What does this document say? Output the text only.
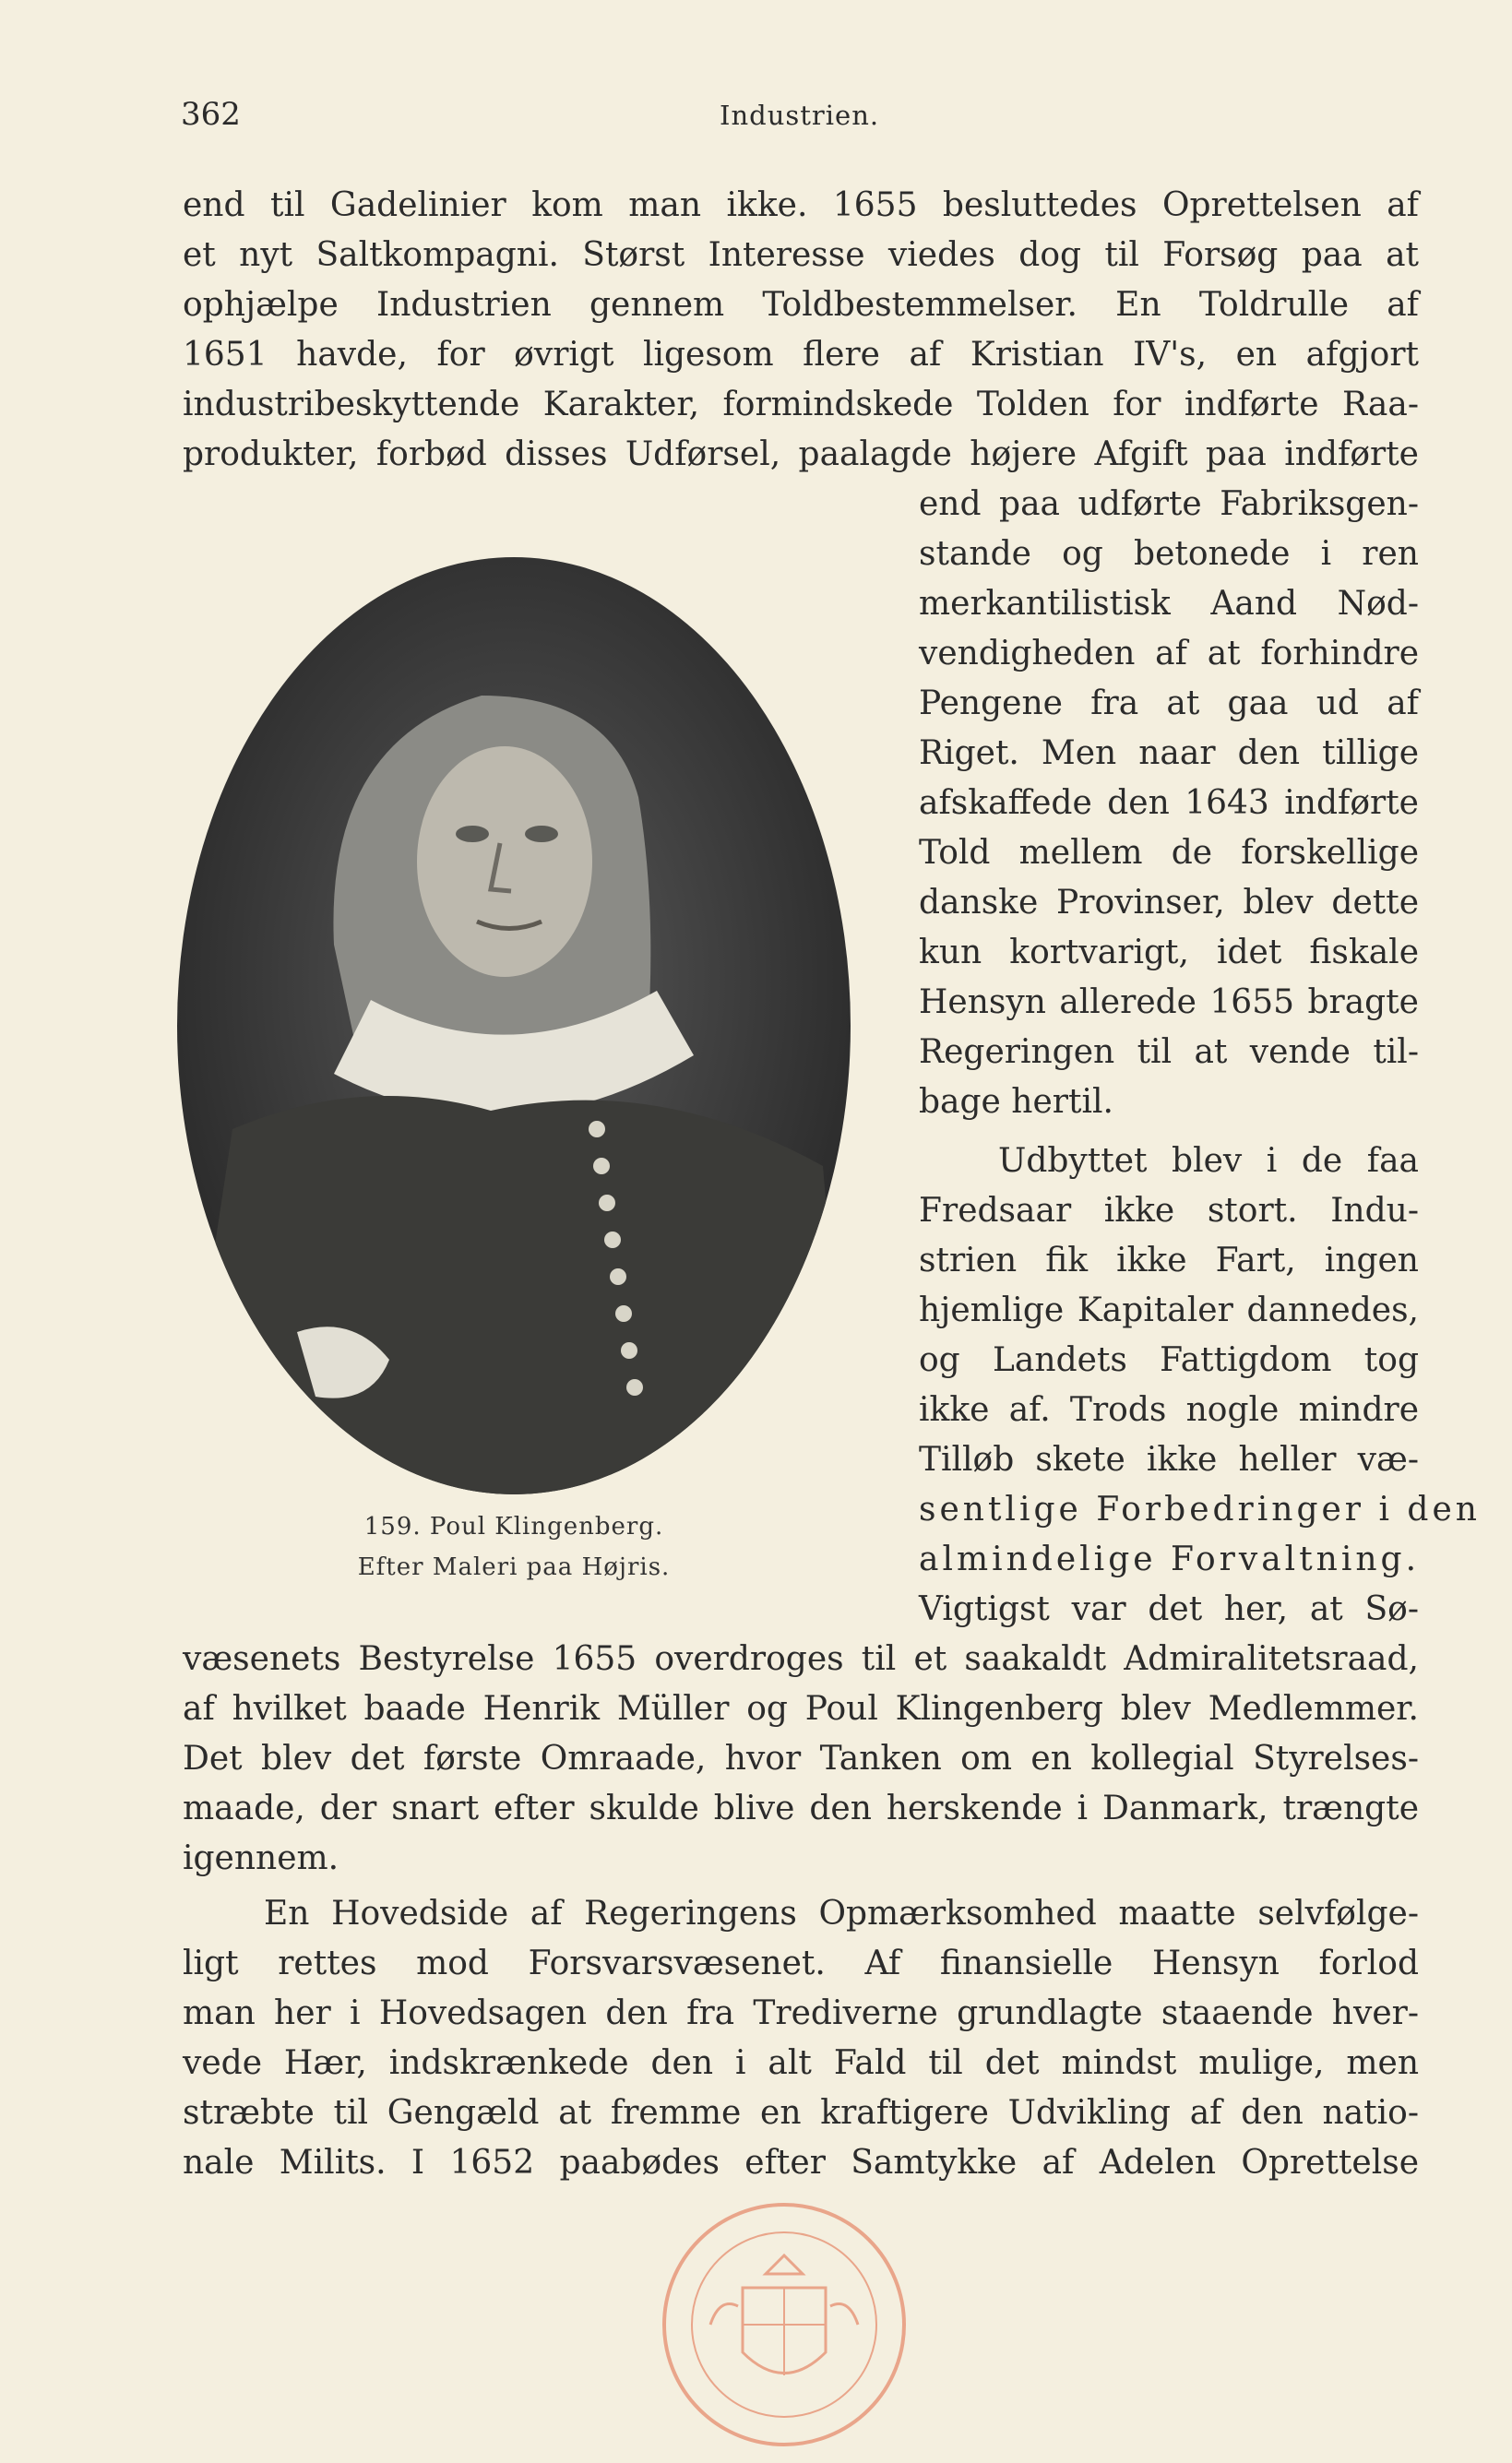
362	Industrien.
end til Gadelinier kom man ikke. 1655 besluttedes Oprettelsen af
et nyt Saltkompagni. Størst Interesse viedes dog til Forsøg paa at
ophjælpe Industrien gennem Toldbestemmelser. En Toldrulle af
1651 havde, for øvrigt ligesom flere af Kristian IV's, en afgjort
industribeskyttende Karakter, formindskede Tolden for indførte Raa-
produkter, forbød disses Udførsel, paalagde højere Afgift paa indførte
end paa udførte Fabriksgen-
stande og betonede i ren
merkantilistisk Aand Nød-
vendigheden af at forhindre
Pengene fra at gaa ud af
Riget. Men naar den tillige
afskaffede den 1643 indførte
Told mellem de forskellige
danske Provinser, blev dette
kun kortvarigt, idet fiskale
Hensyn allerede 1655 bragte
Regeringen til at vende til-
bage hertil.
Udbyttet blev i de faa
Fredsaar ikke stort. Indu-
strien fik ikke Fart, ingen
hjemlige Kapitaler dannedes,
og Landets Fattigdom tog
ikke af. Trods nogle mindre
Tilløb skete ikke heller væ-
sentlige Forbedringer i den
almindelige Forvaltning.
Vigtigst var det her, at Sø-
væsenets Bestyrelse 1655 overdroges til et saakaldt Admiralitetsraad,
af hvilket baade Henrik Müller og Poul Klingenberg blev Medlemmer.
Det blev det første Omraade, hvor Tanken om en kollegial Styrelses-
maade, der snart efter skulde blive den herskende i Danmark, trængte
igennem.
En Hovedside af Regeringens Opmærksomhed maatte selvfølge-
ligt rettes mod Forsvarsvæsenet. Af finansielle Hensyn forlod
man her i Hovedsagen den fra Trediverne grundlagte staaende hver-
vede Hær, indskrænkede den i alt Fald til det mindst mulige, men
stræbte til Gengæld at fremme en kraftigere Udvikling af den natio-
nale Milits. I 1652 paabødes efter Samtykke af Adelen Oprettelse
159. Poul Klingenberg.
Efter Maleri paa Højris.
